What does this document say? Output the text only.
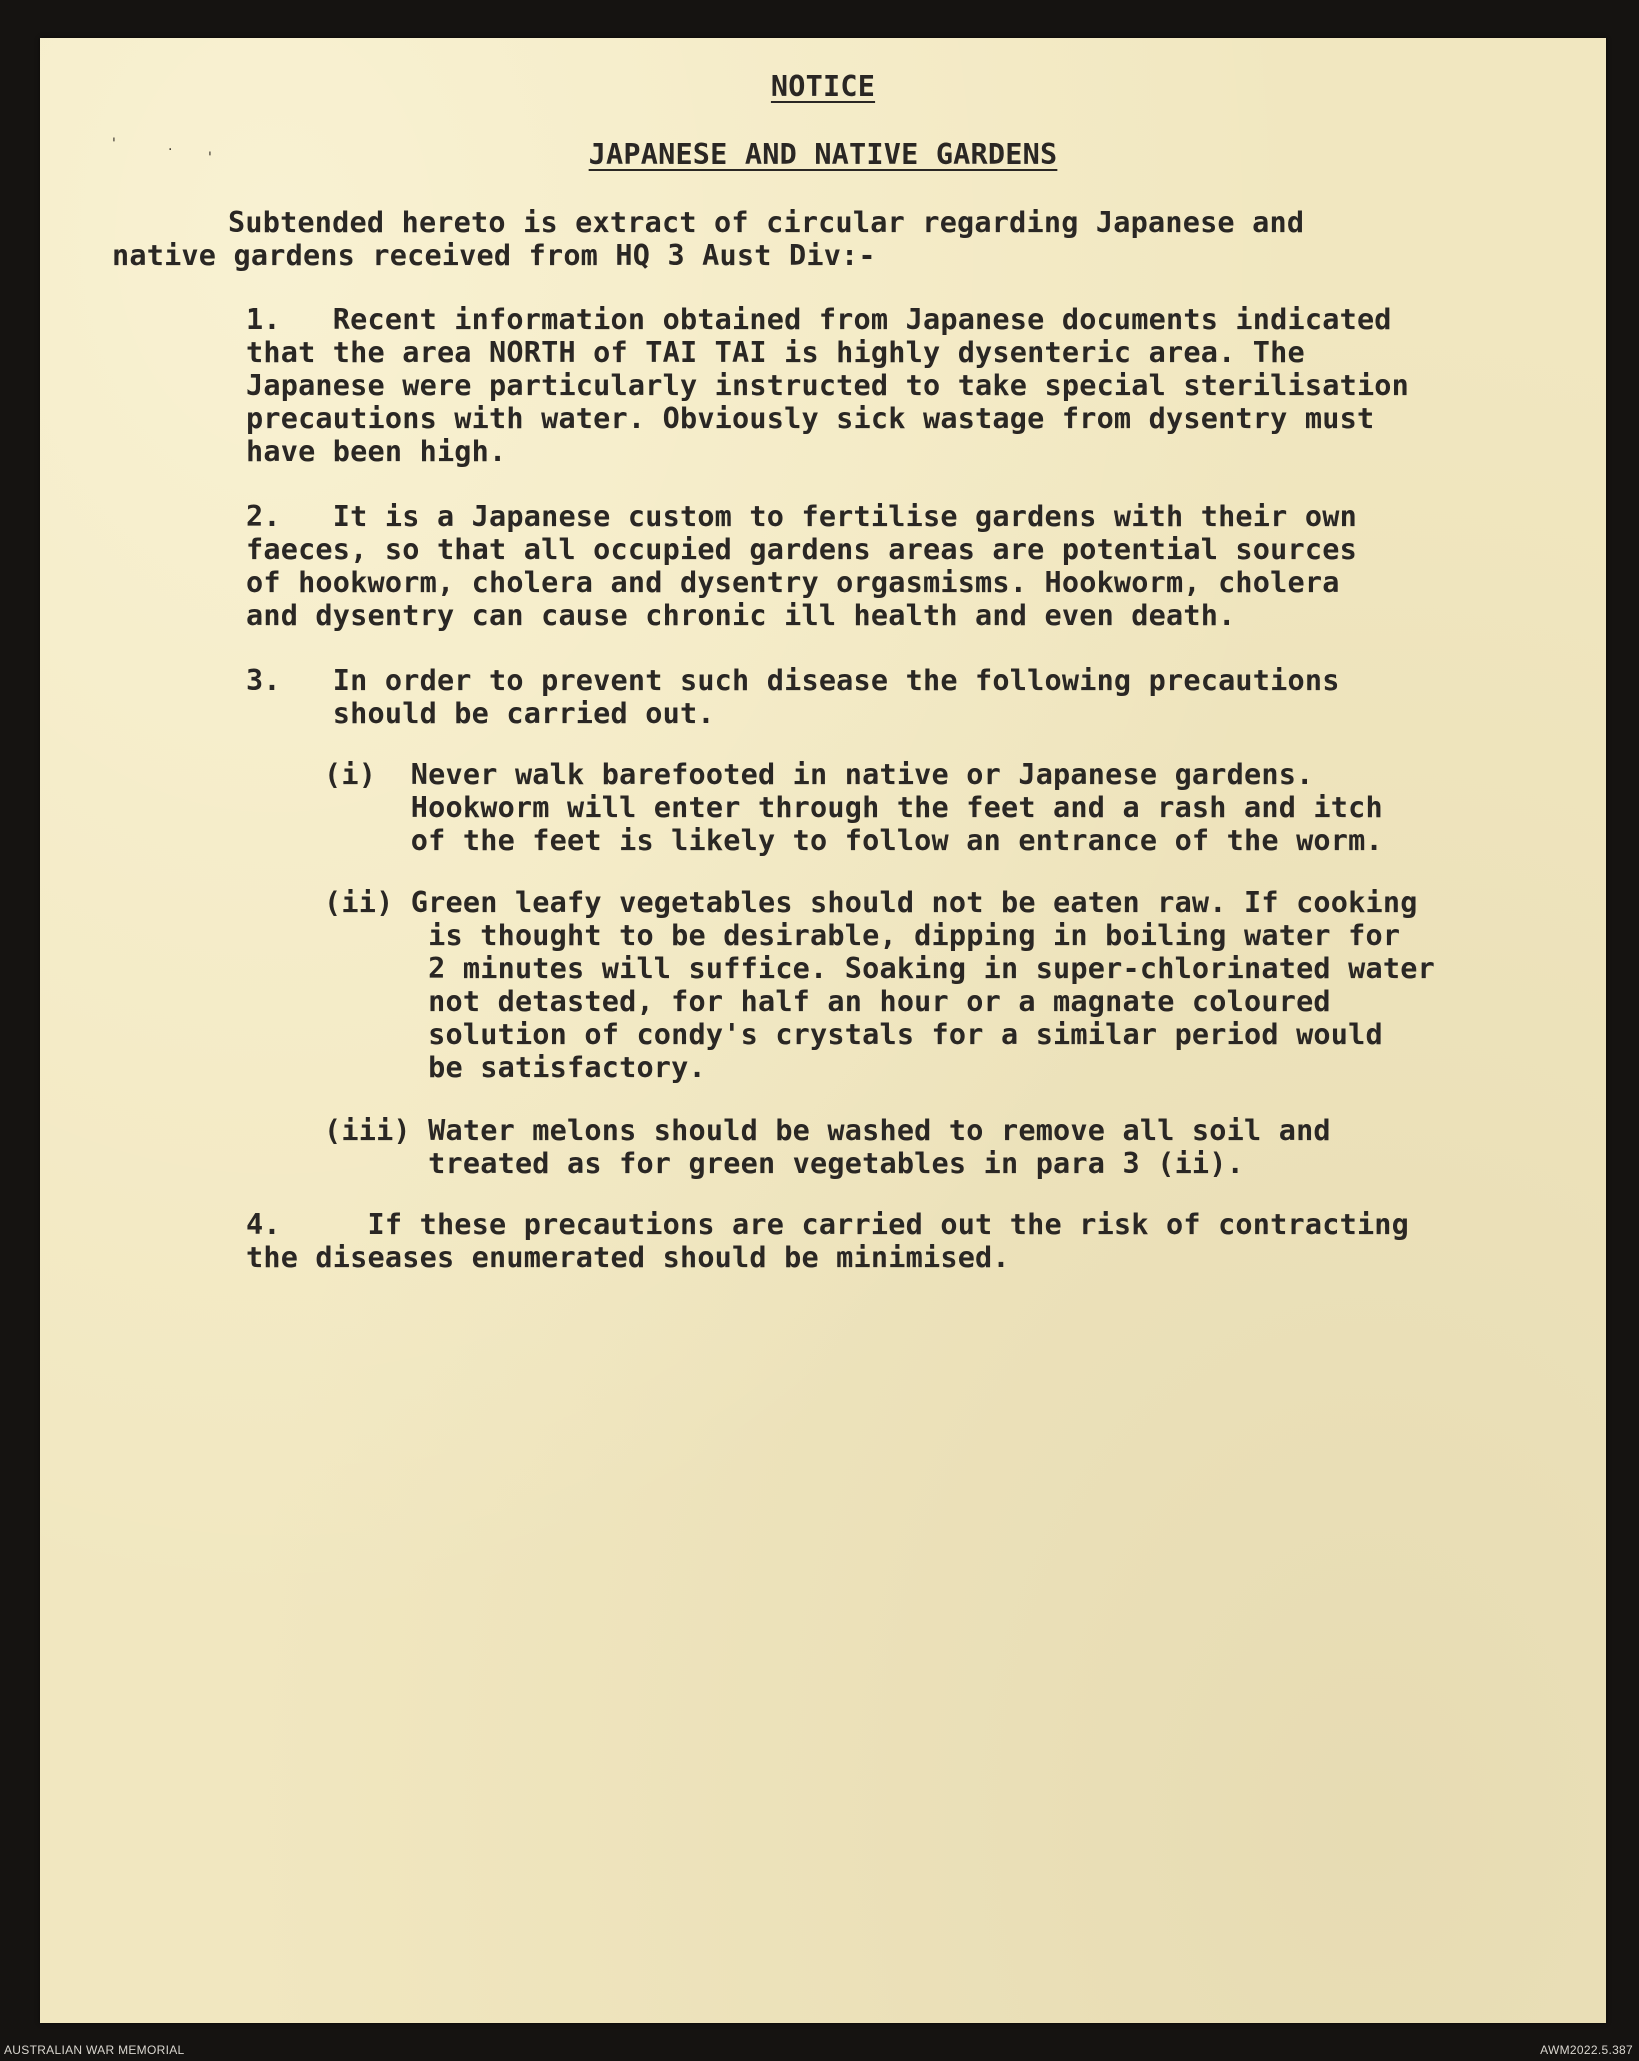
'	·	'
NOTICE
JAPANESE AND NATIVE GARDENS
Subtended hereto is extract of circular regarding Japanese and
native gardens received from HQ 3 Aust Div:-
1.   Recent information obtained from Japanese documents indicated
that the area NORTH of TAI TAI is highly dysenteric area. The
Japanese were particularly instructed to take special sterilisation
precautions with water. Obviously sick wastage from dysentry must
have been high.
2.   It is a Japanese custom to fertilise gardens with their own
faeces, so that all occupied gardens areas are potential sources
of hookworm, cholera and dysentry orgasmisms. Hookworm, cholera
and dysentry can cause chronic ill health and even death.
3.   In order to prevent such disease the following precautions
should be carried out.
(i)  Never walk barefooted in native or Japanese gardens.
Hookworm will enter through the feet and a rash and itch
of the feet is likely to follow an entrance of the worm.
(ii) Green leafy vegetables should not be eaten raw. If cooking
is thought to be desirable, dipping in boiling water for
2 minutes will suffice. Soaking in super-chlorinated water
not detasted, for half an hour or a magnate coloured
solution of condy's crystals for a similar period would
be satisfactory.
(iii) Water melons should be washed to remove all soil and
treated as for green vegetables in para 3 (ii).
4.     If these precautions are carried out the risk of contracting
the diseases enumerated should be minimised.
AUSTRALIAN WAR MEMORIAL	AWM2022.5.387
